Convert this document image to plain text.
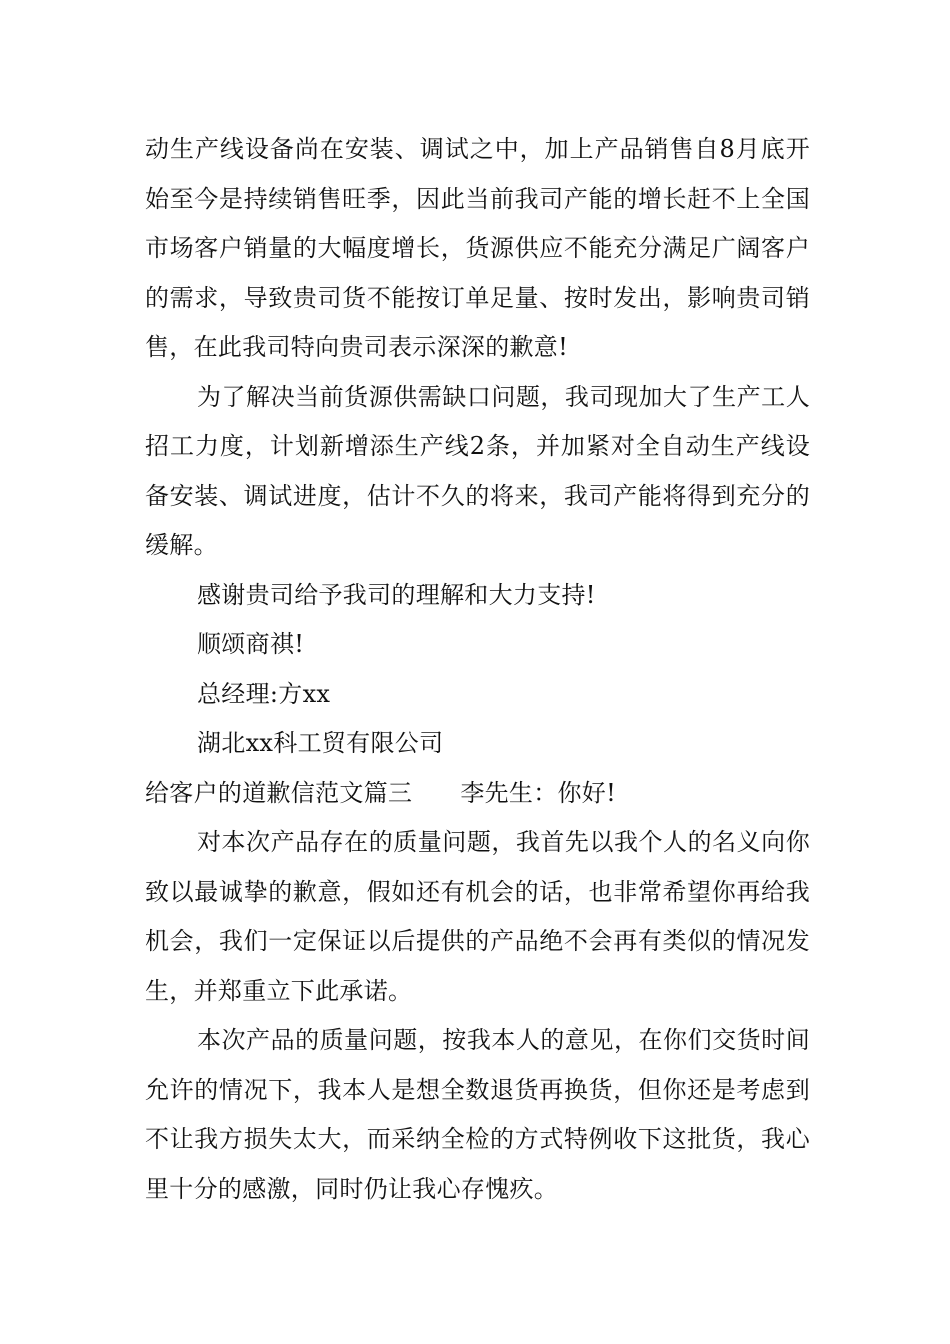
动生产线设备尚在安装、调试之中，加上产品销售自8月底开始至今是持续销售旺季，因此当前我司产能的增长赶不上全国市场客户销量的大幅度增长，货源供应不能充分满足广阔客户的需求，导致贵司货不能按订单足量、按时发出，影响贵司销售，在此我司特向贵司表示深深的歉意!

为了解决当前货源供需缺口问题，我司现加大了生产工人招工力度，计划新增添生产线2条，并加紧对全自动生产线设备安装、调试进度，估计不久的将来，我司产能将得到充分的缓解。

感谢贵司给予我司的理解和大力支持!

顺颂商祺!

总经理:方xx

湖北xx科工贸有限公司

给客户的道歉信范文篇三 李先生：你好!

对本次产品存在的质量问题，我首先以我个人的名义向你致以最诚挚的歉意，假如还有机会的话，也非常希望你再给我机会，我们一定保证以后提供的产品绝不会再有类似的情况发生，并郑重立下此承诺。

本次产品的质量问题，按我本人的意见，在你们交货时间允许的情况下，我本人是想全数退货再换货，但你还是考虑到不让我方损失太大，而采纳全检的方式特例收下这批货，我心里十分的感激，同时仍让我心存愧疚。
